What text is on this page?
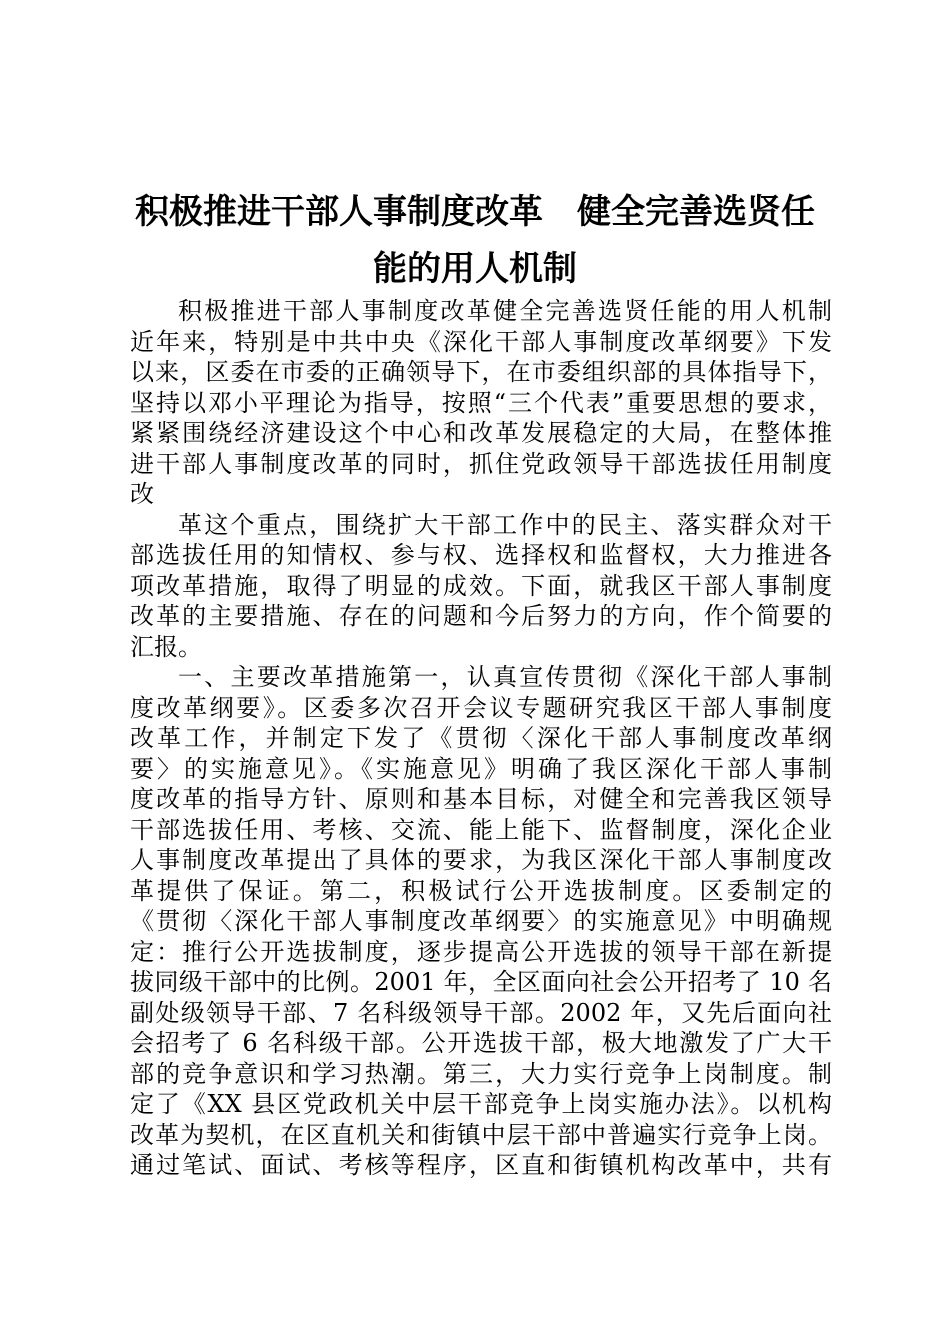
积极推进干部人事制度改革　健全完善选贤任
能的用人机制

积极推进干部人事制度改革健全完善选贤任能的用人机制
近年来，特别是中共中央《深化干部人事制度改革纲要》下发
以来，区委在市委的正确领导下，在市委组织部的具体指导下，
坚持以邓小平理论为指导，按照“三个代表”重要思想的要求，
紧紧围绕经济建设这个中心和改革发展稳定的大局，在整体推
进干部人事制度改革的同时，抓住党政领导干部选拔任用制度
改

革这个重点，围绕扩大干部工作中的民主、落实群众对干
部选拔任用的知情权、参与权、选择权和监督权，大力推进各
项改革措施，取得了明显的成效。下面，就我区干部人事制度
改革的主要措施、存在的问题和今后努力的方向，作个简要的
汇报。

一、主要改革措施第一，认真宣传贯彻《深化干部人事制
度改革纲要》。区委多次召开会议专题研究我区干部人事制度
改革工作，并制定下发了《贯彻〈深化干部人事制度改革纲
要〉的实施意见》。《实施意见》明确了我区深化干部人事制
度改革的指导方针、原则和基本目标，对健全和完善我区领导
干部选拔任用、考核、交流、能上能下、监督制度，深化企业
人事制度改革提出了具体的要求，为我区深化干部人事制度改
革提供了保证。第二，积极试行公开选拔制度。区委制定的
《贯彻〈深化干部人事制度改革纲要〉的实施意见》中明确规
定：推行公开选拔制度，逐步提高公开选拔的领导干部在新提
拔同级干部中的比例。2001 年，全区面向社会公开招考了 10 名
副处级领导干部、7 名科级领导干部。2002 年，又先后面向社
会招考了 6 名科级干部。公开选拔干部，极大地激发了广大干
部的竞争意识和学习热潮。第三，大力实行竞争上岗制度。制
定了《XX 县区党政机关中层干部竞争上岗实施办法》。以机构
改革为契机，在区直机关和街镇中层干部中普遍实行竞争上岗。
通过笔试、面试、考核等程序，区直和街镇机构改革中，共有
